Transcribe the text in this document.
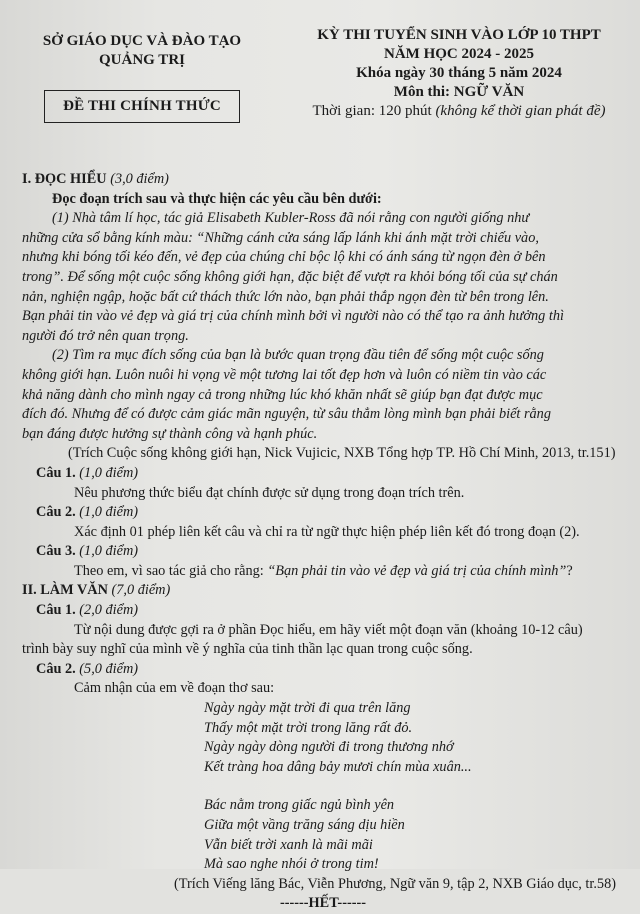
SỞ GIÁO DỤC VÀ ĐÀO TẠO
QUẢNG TRỊ
ĐỀ THI CHÍNH THỨC
KỲ THI TUYỂN SINH VÀO LỚP 10 THPT
NĂM HỌC 2024 - 2025
Khóa ngày 30 tháng 5 năm 2024
Môn thi: NGỮ VĂN
Thời gian: 120 phút (không kể thời gian phát đề)
I. ĐỌC HIỂU (3,0 điểm)
Đọc đoạn trích sau và thực hiện các yêu cầu bên dưới:
(1) Nhà tâm lí học, tác giả Elisabeth Kubler-Ross đã nói rằng con người giống như
những cửa sổ bằng kính màu: “Những cánh cửa sáng lấp lánh khi ánh mặt trời chiếu vào,
nhưng khi bóng tối kéo đến, vẻ đẹp của chúng chỉ bộc lộ khi có ánh sáng từ ngọn đèn ở bên
trong”. Để sống một cuộc sống không giới hạn, đặc biệt để vượt ra khỏi bóng tối của sự chán
nản, nghiện ngập, hoặc bất cứ thách thức lớn nào, bạn phải thắp ngọn đèn từ bên trong lên.
Bạn phải tin vào vẻ đẹp và giá trị của chính mình bởi vì người nào có thể tạo ra ảnh hưởng thì
người đó trở nên quan trọng.
(2) Tìm ra mục đích sống của bạn là bước quan trọng đầu tiên để sống một cuộc sống
không giới hạn. Luôn nuôi hi vọng về một tương lai tốt đẹp hơn và luôn có niềm tin vào các
khả năng dành cho mình ngay cả trong những lúc khó khăn nhất sẽ giúp bạn đạt được mục
đích đó. Nhưng để có được cảm giác mãn nguyện, từ sâu thẳm lòng mình bạn phải biết rằng
bạn đáng được hưởng sự thành công và hạnh phúc.
(Trích Cuộc sống không giới hạn, Nick Vujicic, NXB Tổng hợp TP. Hồ Chí Minh, 2013, tr.151)
Câu 1. (1,0 điểm)
Nêu phương thức biểu đạt chính được sử dụng trong đoạn trích trên.
Câu 2. (1,0 điểm)
Xác định 01 phép liên kết câu và chỉ ra từ ngữ thực hiện phép liên kết đó trong đoạn (2).
Câu 3. (1,0 điểm)
Theo em, vì sao tác giả cho rằng: “Bạn phải tin vào vẻ đẹp và giá trị của chính mình”?
II. LÀM VĂN (7,0 điểm)
Câu 1. (2,0 điểm)
Từ nội dung được gợi ra ở phần Đọc hiểu, em hãy viết một đoạn văn (khoảng 10-12 câu)
trình bày suy nghĩ của mình về ý nghĩa của tinh thần lạc quan trong cuộc sống.
Câu 2. (5,0 điểm)
Cảm nhận của em về đoạn thơ sau:
Ngày ngày mặt trời đi qua trên lăng
Thấy một mặt trời trong lăng rất đỏ.
Ngày ngày dòng người đi trong thương nhớ
Kết tràng hoa dâng bảy mươi chín mùa xuân...
Bác nằm trong giấc ngủ bình yên
Giữa một vầng trăng sáng dịu hiền
Vẫn biết trời xanh là mãi mãi
Mà sao nghe nhói ở trong tim!
(Trích Viếng lăng Bác, Viễn Phương, Ngữ văn 9, tập 2, NXB Giáo dục, tr.58)
------HẾT------
